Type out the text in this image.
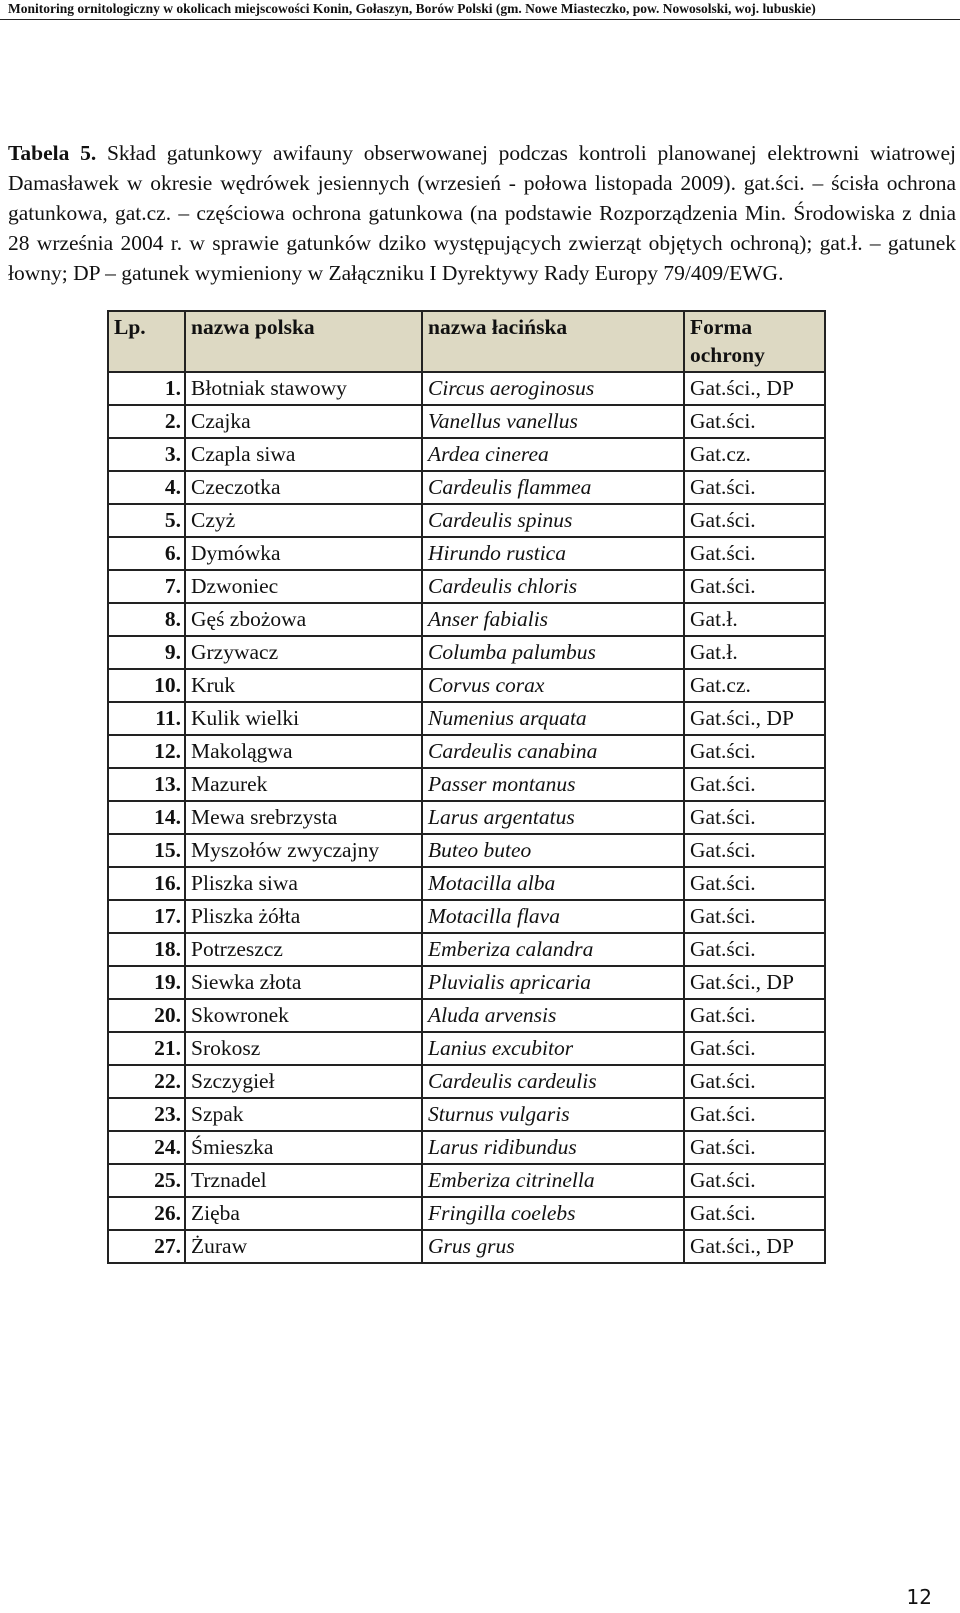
Monitoring ornitologiczny w okolicach miejscowości Konin, Gołaszyn, Borów Polski (gm. Nowe Miasteczko, pow. Nowosolski, woj. lubuskie)
Tabela 5. Skład gatunkowy awifauny obserwowanej podczas kontroli planowanej elektrowni wiatrowej Damasławek w okresie wędrówek jesiennych (wrzesień - połowa listopada 2009). gat.ści. – ścisła ochrona gatunkowa, gat.cz. – częściowa ochrona gatunkowa (na podstawie Rozporządzenia Min. Środowiska z dnia 28 września 2004 r. w sprawie gatunków dziko występujących zwierząt objętych ochroną); gat.ł. – gatunek łowny; DP – gatunek wymieniony w Załączniku I Dyrektywy Rady Europy 79/409/EWG.
Lp.	nazwa polska	nazwa łacińska	Forma ochrony
1.	Błotniak stawowy	Circus aeroginosus	Gat.ści., DP
2.	Czajka	Vanellus vanellus	Gat.ści.
3.	Czapla siwa	Ardea cinerea	Gat.cz.
4.	Czeczotka	Cardeulis flammea	Gat.ści.
5.	Czyż	Cardeulis spinus	Gat.ści.
6.	Dymówka	Hirundo rustica	Gat.ści.
7.	Dzwoniec	Cardeulis chloris	Gat.ści.
8.	Gęś zbożowa	Anser fabialis	Gat.ł.
9.	Grzywacz	Columba palumbus	Gat.ł.
10.	Kruk	Corvus corax	Gat.cz.
11.	Kulik wielki	Numenius arquata	Gat.ści., DP
12.	Makolągwa	Cardeulis canabina	Gat.ści.
13.	Mazurek	Passer montanus	Gat.ści.
14.	Mewa srebrzysta	Larus argentatus	Gat.ści.
15.	Myszołów zwyczajny	Buteo buteo	Gat.ści.
16.	Pliszka siwa	Motacilla alba	Gat.ści.
17.	Pliszka żółta	Motacilla flava	Gat.ści.
18.	Potrzeszcz	Emberiza calandra	Gat.ści.
19.	Siewka złota	Pluvialis apricaria	Gat.ści., DP
20.	Skowronek	Aluda arvensis	Gat.ści.
21.	Srokosz	Lanius excubitor	Gat.ści.
22.	Szczygieł	Cardeulis cardeulis	Gat.ści.
23.	Szpak	Sturnus vulgaris	Gat.ści.
24.	Śmieszka	Larus ridibundus	Gat.ści.
25.	Trznadel	Emberiza citrinella	Gat.ści.
26.	Zięba	Fringilla coelebs	Gat.ści.
27.	Żuraw	Grus grus	Gat.ści., DP
12
